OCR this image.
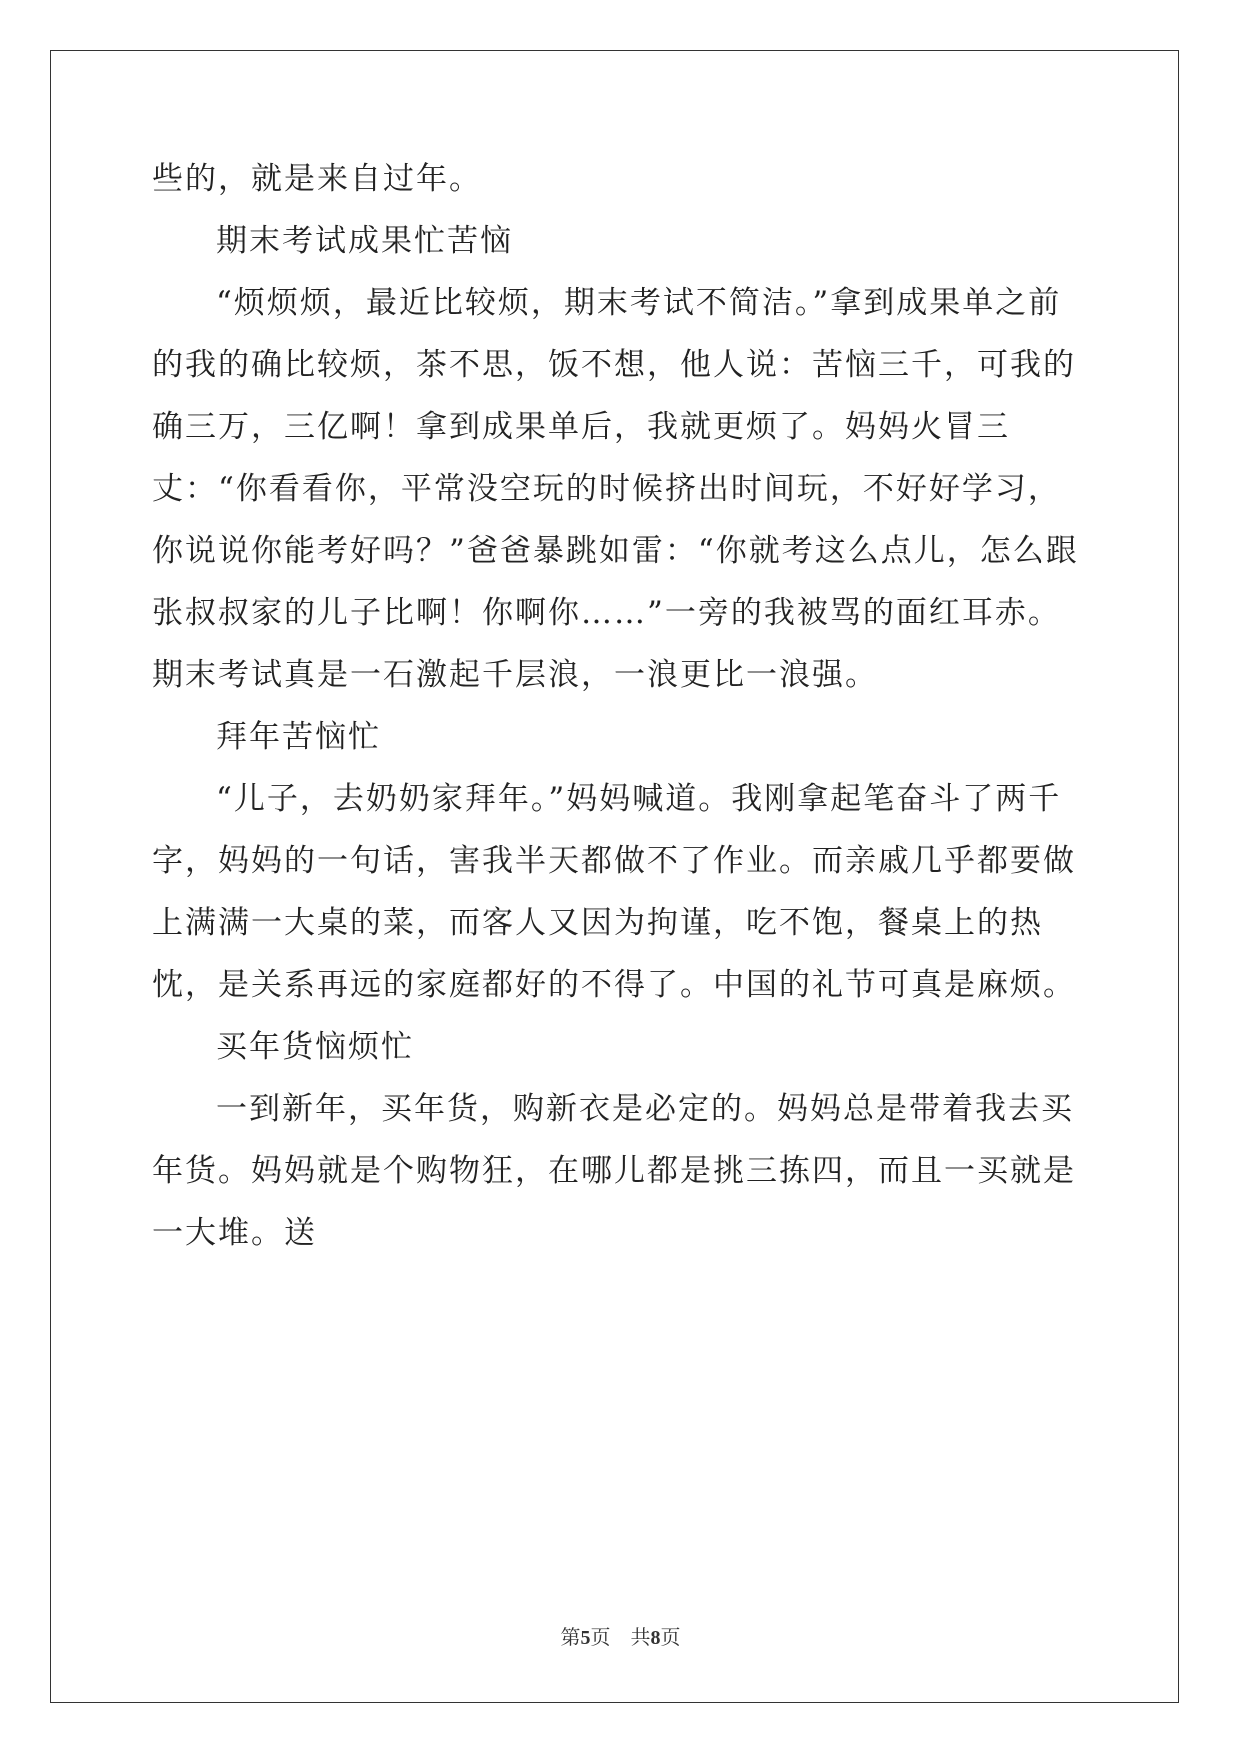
些的，就是来自过年。

期末考试成果忙苦恼

“烦烦烦，最近比较烦，期末考试不简洁。”拿到成果单之前的我的确比较烦，茶不思，饭不想，他人说：苦恼三千，可我的确三万，三亿啊！拿到成果单后，我就更烦了。妈妈火冒三丈：“你看看你，平常没空玩的时候挤出时间玩，不好好学习，你说说你能考好吗？”爸爸暴跳如雷：“你就考这么点儿，怎么跟张叔叔家的儿子比啊！你啊你……”一旁的我被骂的面红耳赤。期末考试真是一石激起千层浪，一浪更比一浪强。

拜年苦恼忙

“儿子，去奶奶家拜年。”妈妈喊道。我刚拿起笔奋斗了两千字，妈妈的一句话，害我半天都做不了作业。而亲戚几乎都要做上满满一大桌的菜，而客人又因为拘谨，吃不饱，餐桌上的热忱，是关系再远的家庭都好的不得了。中国的礼节可真是麻烦。

买年货恼烦忙

一到新年，买年货，购新衣是必定的。妈妈总是带着我去买年货。妈妈就是个购物狂，在哪儿都是挑三拣四，而且一买就是一大堆。送

第5页 共8页
